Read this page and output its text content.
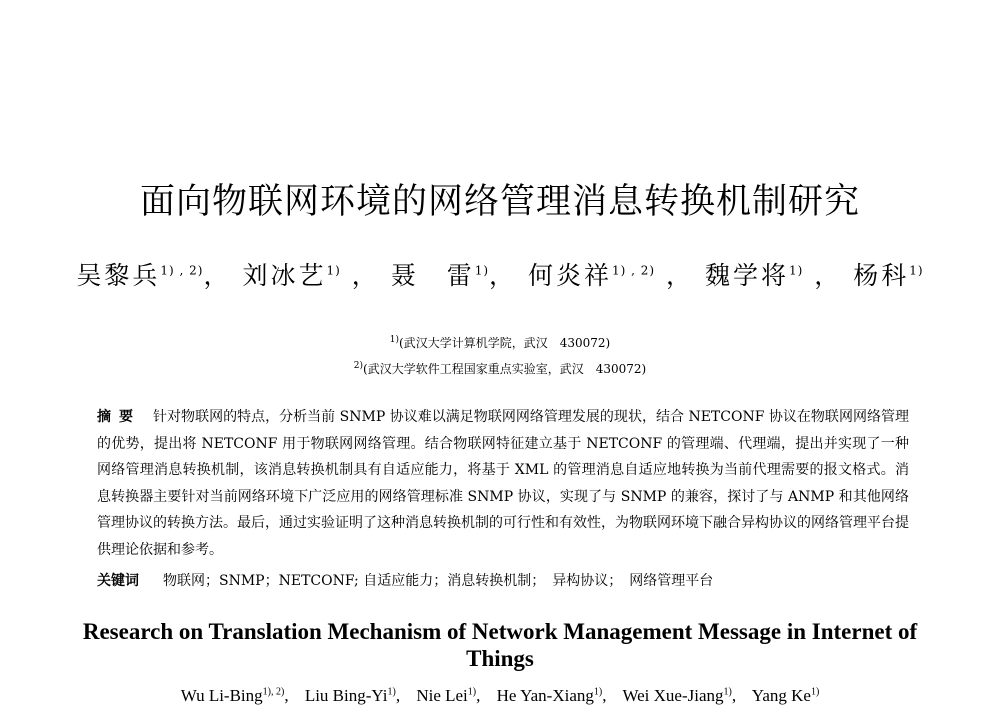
面向物联网环境的网络管理消息转换机制研究
吴黎兵$^{1) , 2)}$， 刘冰艺$^{1)}$ ， 聂　雷$^{1)}$， 何炎祥$^{1) , 2)}$ ， 魏学将$^{1)}$ ， 杨科$^{1)}$
$^{1)}$(武汉大学计算机学院，武汉　430072)
$^{2)}$(武汉大学软件工程国家重点实验室，武汉　430072)
摘要 针对物联网的特点，分析当前 SNMP 协议难以满足物联网网络管理发展的现状，结合 NETCONF 协议在物联网网络管理的优势，提出将 NETCONF 用于物联网网络管理。结合物联网特征建立基于 NETCONF 的管理端、代理端，提出并实现了一种网络管理消息转换机制，该消息转换机制具有自适应能力，将基于 XML 的管理消息自适应地转换为当前代理需要的报文格式。消息转换器主要针对当前网络环境下广泛应用的网络管理标准 SNMP 协议，实现了与 SNMP 的兼容，探讨了与 ANMP 和其他网络管理协议的转换方法。最后，通过实验证明了这种消息转换机制的可行性和有效性，为物联网环境下融合异构协议的网络管理平台提供理论依据和参考。
关键词 物联网；SNMP；NETCONF; 自适应能力；消息转换机制；　异构协议；　网络管理平台
Research on Translation Mechanism of Network Management Message in Internet of Things
Wu Li-Bing$^{1), 2)}$, Liu Bing-Yi$^{1)}$, Nie Lei$^{1)}$, He Yan-Xiang$^{1)}$, Wei Xue-Jiang$^{1)}$, Yang Ke$^{1)}$
